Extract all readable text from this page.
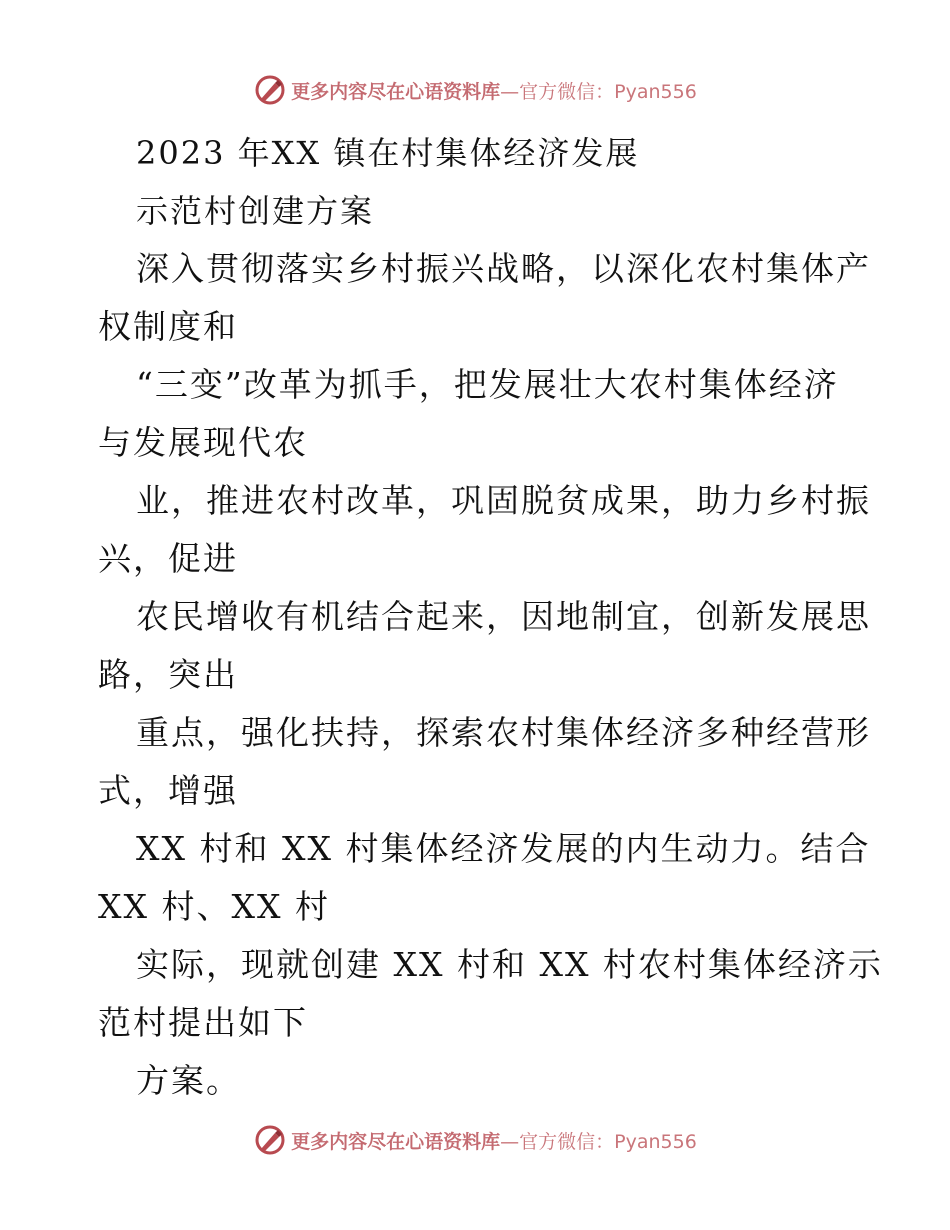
更多内容尽在心语资料库—官方微信：Pyan556
2023 年XX 镇在村集体经济发展
示范村创建方案
深入贯彻落实乡村振兴战略，以深化农村集体产
权制度和
“三变”改革为抓手，把发展壮大农村集体经济
与发展现代农
业，推进农村改革，巩固脱贫成果，助力乡村振
兴，促进
农民增收有机结合起来，因地制宜，创新发展思
路，突出
重点，强化扶持，探索农村集体经济多种经营形
式，增强
XX 村和 XX 村集体经济发展的内生动力。结合
XX 村、XX 村
实际，现就创建 XX 村和 XX 村农村集体经济示
范村提出如下
方案。
更多内容尽在心语资料库—官方微信：Pyan556
